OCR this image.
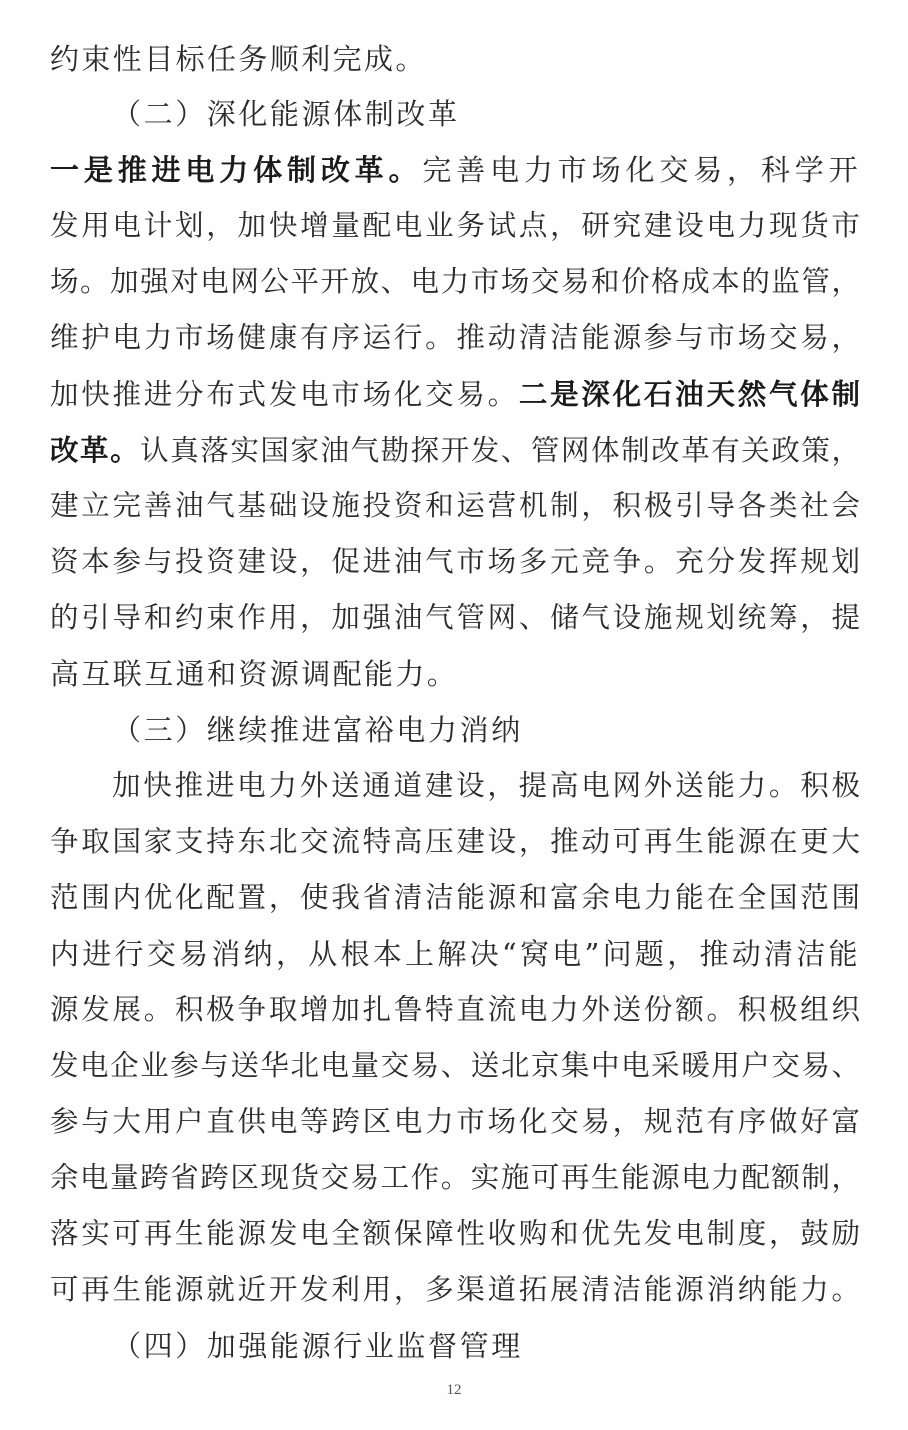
约束性目标任务顺利完成。
（二）深化能源体制改革
一是推进电力体制改革。完善电力市场化交易，科学开
发用电计划，加快增量配电业务试点，研究建设电力现货市
场。加强对电网公平开放、电力市场交易和价格成本的监管，
维护电力市场健康有序运行。推动清洁能源参与市场交易，
加快推进分布式发电市场化交易。二是深化石油天然气体制
改革。认真落实国家油气勘探开发、管网体制改革有关政策，
建立完善油气基础设施投资和运营机制，积极引导各类社会
资本参与投资建设，促进油气市场多元竞争。充分发挥规划
的引导和约束作用，加强油气管网、储气设施规划统筹，提
高互联互通和资源调配能力。
（三）继续推进富裕电力消纳
加快推进电力外送通道建设，提高电网外送能力。积极
争取国家支持东北交流特高压建设，推动可再生能源在更大
范围内优化配置，使我省清洁能源和富余电力能在全国范围
内进行交易消纳，从根本上解决“窝电”问题，推动清洁能
源发展。积极争取增加扎鲁特直流电力外送份额。积极组织
发电企业参与送华北电量交易、送北京集中电采暖用户交易、
参与大用户直供电等跨区电力市场化交易，规范有序做好富
余电量跨省跨区现货交易工作。实施可再生能源电力配额制，
落实可再生能源发电全额保障性收购和优先发电制度，鼓励
可再生能源就近开发利用，多渠道拓展清洁能源消纳能力。
（四）加强能源行业监督管理
12
